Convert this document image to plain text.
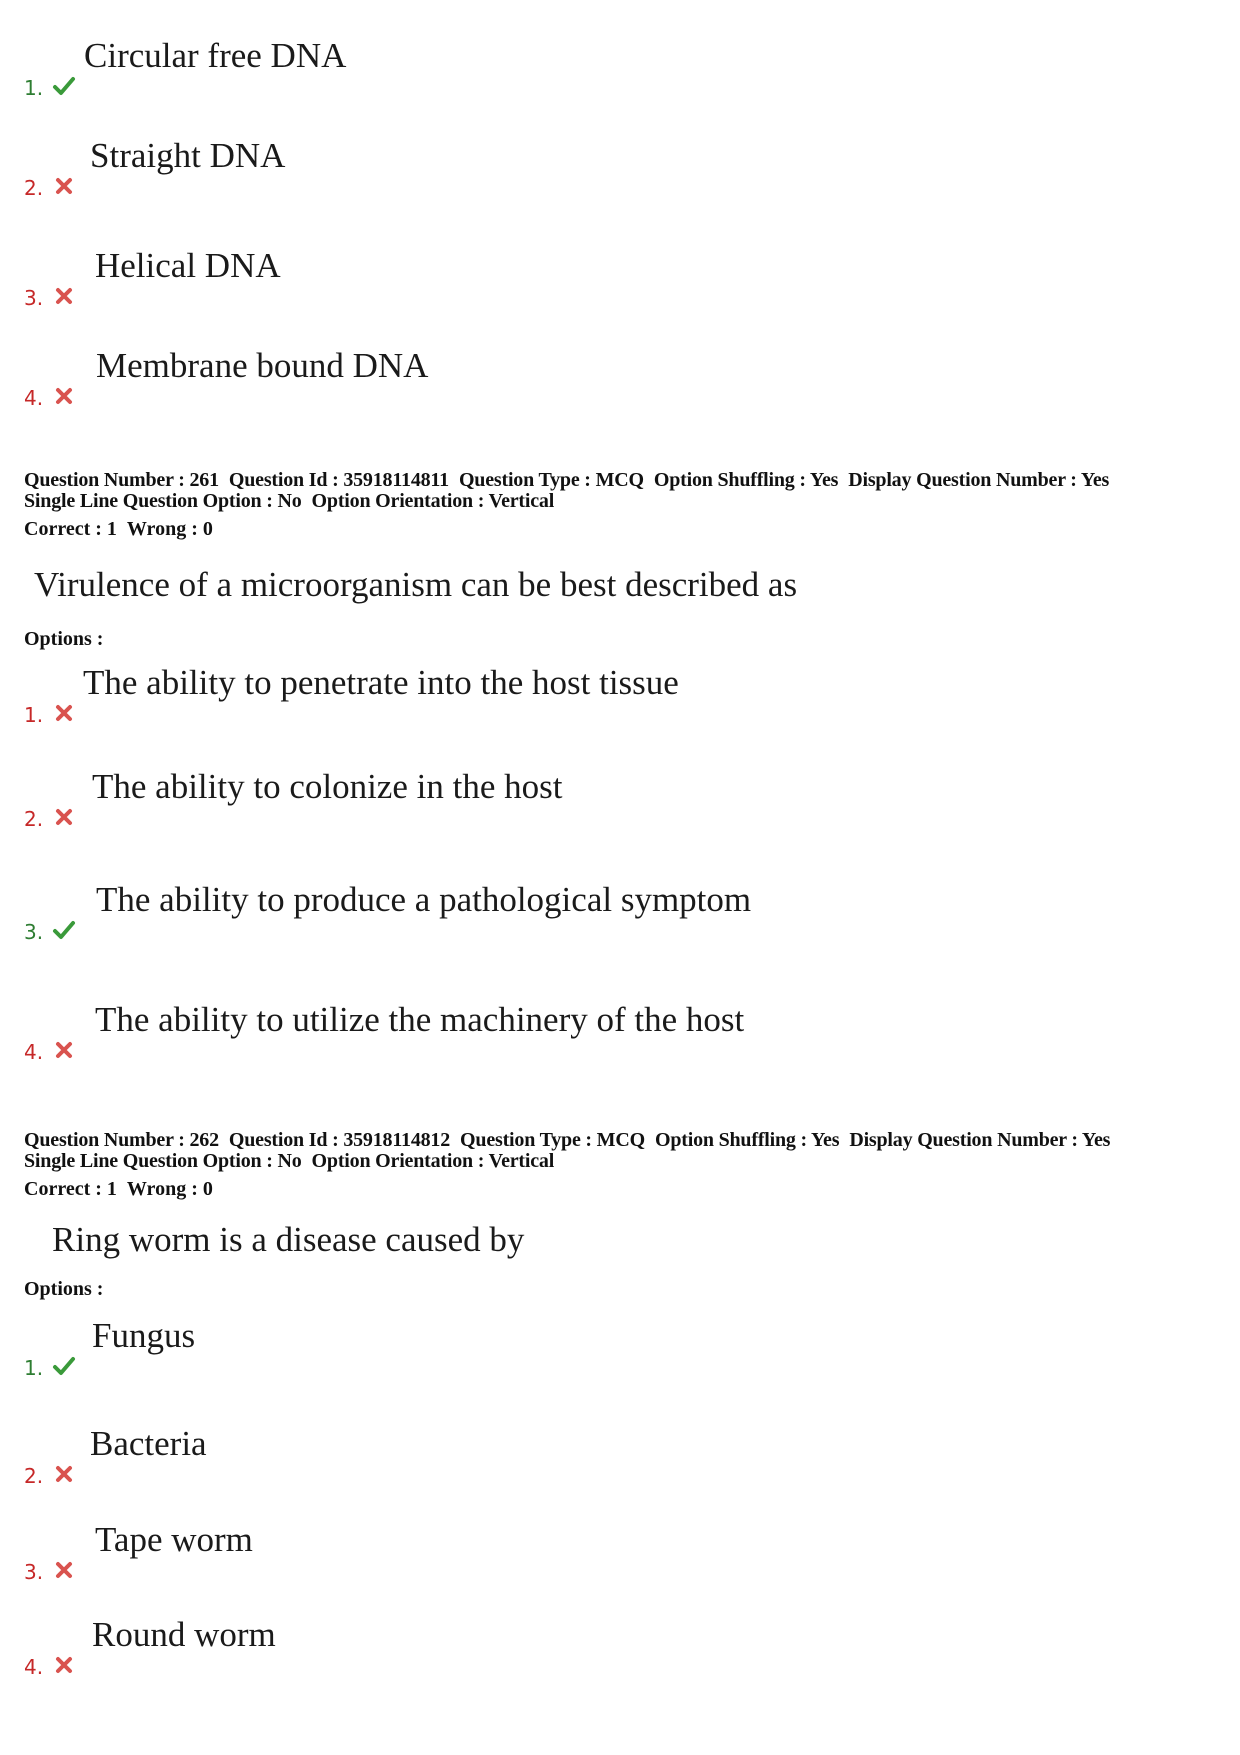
1.
Circular free DNA
2.
Straight DNA
3.
Helical DNA
4.
Membrane bound DNA
Question Number : 261 Question Id : 35918114811 Question Type : MCQ Option Shuffling : Yes Display Question Number : Yes
Single Line Question Option : No Option Orientation : Vertical
Correct : 1 Wrong : 0
Virulence of a microorganism can be best described as
Options :
1.
The ability to penetrate into the host tissue
2.
The ability to colonize in the host
3.
The ability to produce a pathological symptom
4.
The ability to utilize the machinery of the host
Question Number : 262 Question Id : 35918114812 Question Type : MCQ Option Shuffling : Yes Display Question Number : Yes
Single Line Question Option : No Option Orientation : Vertical
Correct : 1 Wrong : 0
Ring worm is a disease caused by
Options :
1.
Fungus
2.
Bacteria
3.
Tape worm
4.
Round worm
